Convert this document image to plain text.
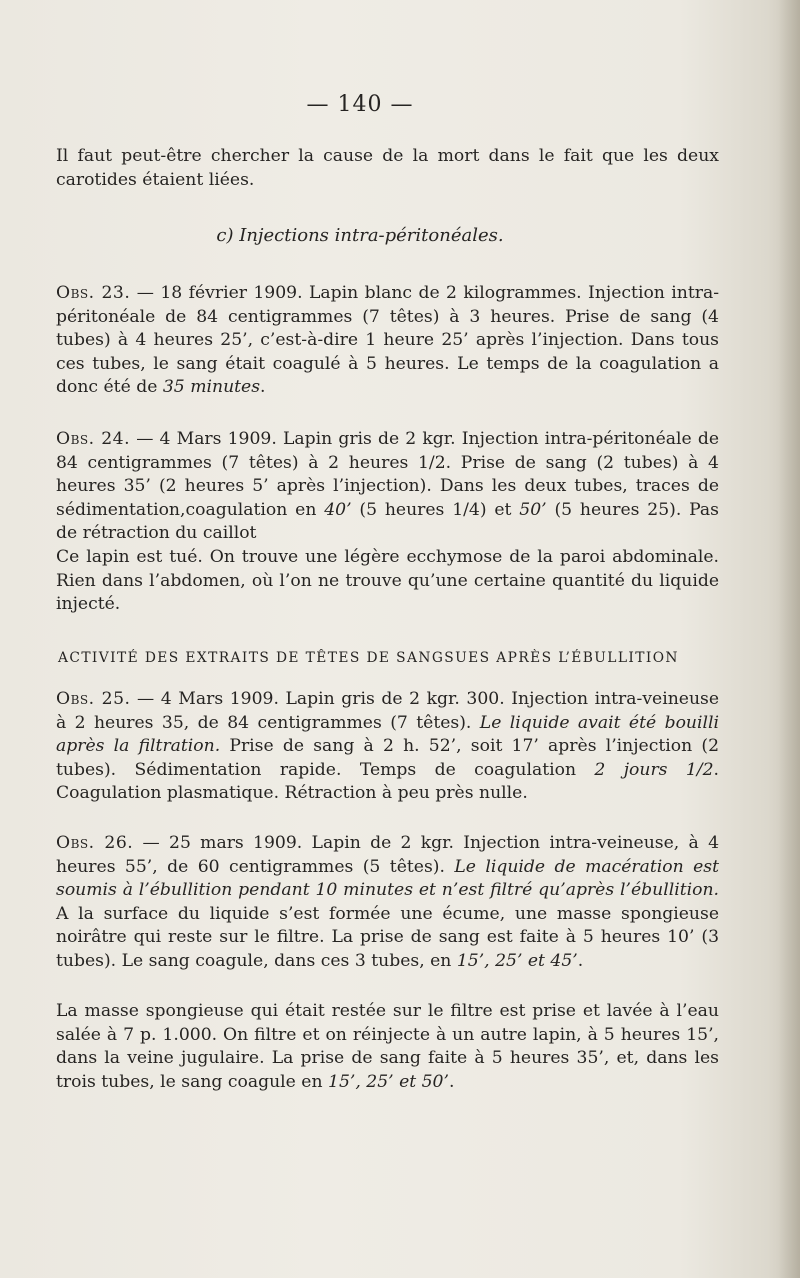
— 140 —

Il faut peut-être chercher la cause de la mort dans le fait que les deux carotides étaient liées.

c) Injections intra-péritonéales.

Obs. 23. — 18 février 1909. Lapin blanc de 2 kilogrammes. Injection intra-péritonéale de 84 centigrammes (7 têtes) à 3 heures. Prise de sang (4 tubes) à 4 heures 25’, c’est-à-dire 1 heure 25’ après l’injection. Dans tous ces tubes, le sang était coagulé à 5 heures. Le temps de la coagulation a donc été de 35 minutes.

Obs. 24. — 4 Mars 1909. Lapin gris de 2 kgr. Injection intra-péritonéale de 84 centigrammes (7 têtes) à 2 heures 1/2. Prise de sang (2 tubes) à 4 heures 35’ (2 heures 5’ après l’injection). Dans les deux tubes, traces de sédimentation,coagulation en 40’ (5 heures 1/4) et 50’ (5 heures 25). Pas de rétraction du caillot

Ce lapin est tué. On trouve une légère ecchymose de la paroi abdominale. Rien dans l’abdomen, où l’on ne trouve qu’une certaine quantité du liquide injecté.

ACTIVITÉ DES EXTRAITS DE TÊTES DE SANGSUES APRÈS L’ÉBULLITION

Obs. 25. — 4 Mars 1909. Lapin gris de 2 kgr. 300. Injection intra-veineuse à 2 heures 35, de 84 centigrammes (7 têtes). Le liquide avait été bouilli après la filtration. Prise de sang à 2 h. 52’, soit 17’ après l’injection (2 tubes). Sédimentation rapide. Temps de coagulation 2 jours 1/2. Coagulation plasmatique. Rétraction à peu près nulle.

Obs. 26. — 25 mars 1909. Lapin de 2 kgr. Injection intra-veineuse, à 4 heures 55’, de 60 centigrammes (5 têtes). Le liquide de macération est soumis à l’ébullition pendant 10 minutes et n’est filtré qu’après l’ébullition. A la surface du liquide s’est formée une écume, une masse spongieuse noirâtre qui reste sur le filtre. La prise de sang est faite à 5 heures 10’ (3 tubes). Le sang coagule, dans ces 3 tubes, en 15’, 25’ et 45’.

La masse spongieuse qui était restée sur le filtre est prise et lavée à l’eau salée à 7 p. 1.000. On filtre et on réinjecte à un autre lapin, à 5 heures 15’, dans la veine jugulaire. La prise de sang faite à 5 heures 35’, et, dans les trois tubes, le sang coagule en 15’, 25’ et 50’.
